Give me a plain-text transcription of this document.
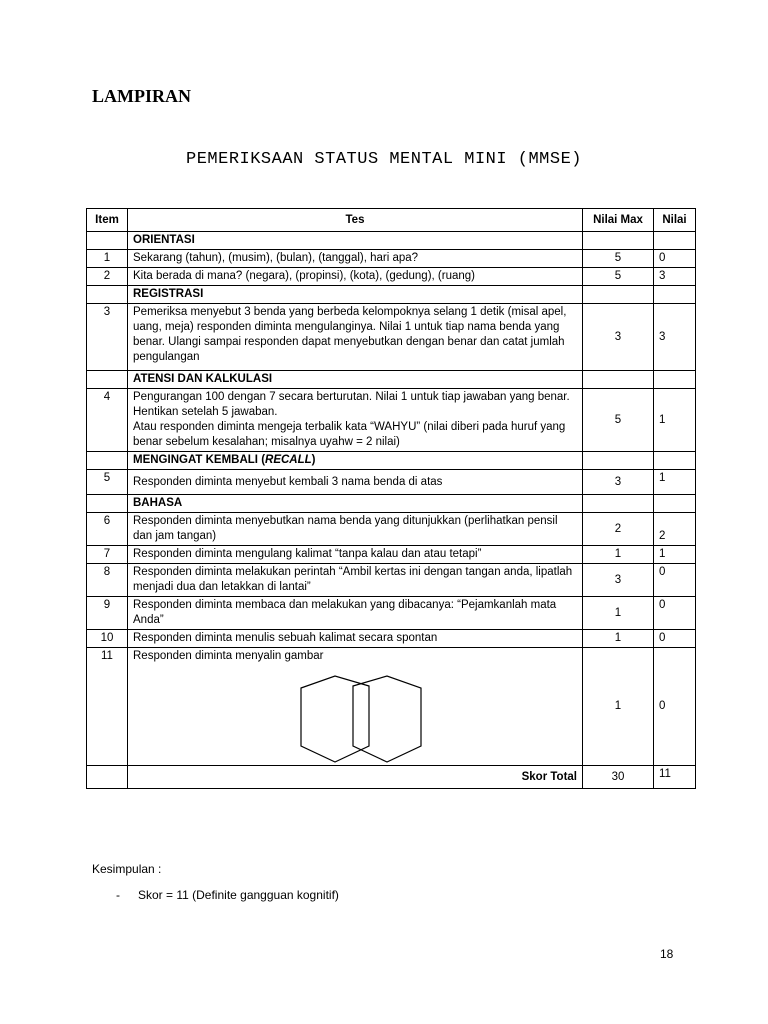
LAMPIRAN
PEMERIKSAAN STATUS MENTAL MINI (MMSE)
Item	Tes	Nilai Max	Nilai
	ORIENTASI		
1	Sekarang (tahun), (musim), (bulan), (tanggal), hari apa?	5	0
2	Kita berada di mana? (negara), (propinsi), (kota), (gedung), (ruang)	5	3
	REGISTRASI		
3	Pemeriksa menyebut 3 benda yang berbeda kelompoknya selang 1 detik (misal apel, uang, meja) responden diminta mengulanginya. Nilai 1 untuk tiap nama benda yang benar. Ulangi sampai responden dapat menyebutkan dengan benar dan catat jumlah pengulangan	3	3
	ATENSI DAN KALKULASI		
4	Pengurangan 100 dengan 7 secara berturutan. Nilai 1 untuk tiap jawaban yang benar. Hentikan setelah 5 jawaban.
Atau responden diminta mengeja terbalik kata “WAHYU” (nilai diberi pada huruf yang benar sebelum kesalahan; misalnya uyahw = 2 nilai)	5	1
	MENGINGAT KEMBALI (RECALL)		
5	Responden diminta menyebut kembali 3 nama benda di atas	3	1
	BAHASA		
6	Responden diminta menyebutkan nama benda yang ditunjukkan (perlihatkan pensil dan jam tangan)	2	2
7	Responden diminta mengulang kalimat “tanpa kalau dan atau tetapi”	1	1
8	Responden diminta melakukan perintah “Ambil kertas ini dengan tangan anda, lipatlah menjadi dua dan letakkan di lantai”	3	0
9	Responden diminta membaca dan melakukan yang dibacanya: “Pejamkanlah mata Anda”	1	0
10	Responden diminta menulis sebuah kalimat secara spontan	1	0
11	Responden diminta menyalin gambar	1	0
	Skor Total	30	11
Kesimpulan :
- Skor = 11 (Definite gangguan kognitif)
18
